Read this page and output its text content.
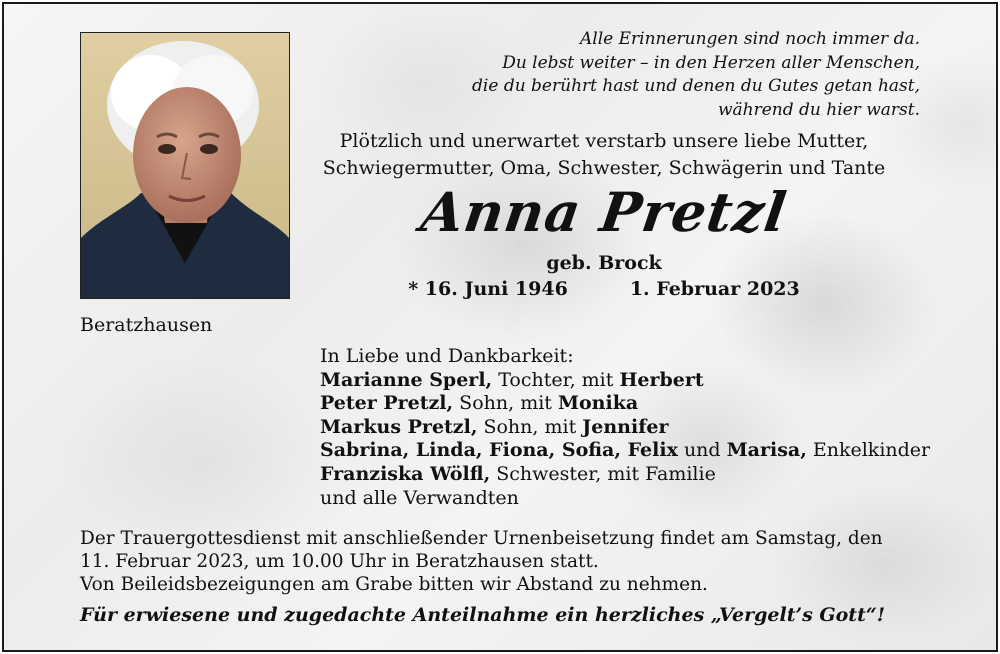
Beratzhausen
Alle Erinnerungen sind noch immer da.
Du lebst weiter – in den Herzen aller Menschen,
die du berührt hast und denen du Gutes getan hast,
während du hier warst.
Plötzlich und unerwartet verstarb unsere liebe Mutter,
Schwiegermutter, Oma, Schwester, Schwägerin und Tante
Anna Pretzl
geb. Brock
* 16. Juni 1946	1. Februar 2023
In Liebe und Dankbarkeit:
Marianne Sperl, Tochter, mit Herbert
Peter Pretzl, Sohn, mit Monika
Markus Pretzl, Sohn, mit Jennifer
Sabrina, Linda, Fiona, Sofia, Felix und Marisa, Enkelkinder
Franziska Wölfl, Schwester, mit Familie
und alle Verwandten
Der Trauergottesdienst mit anschließender Urnenbeisetzung findet am Samstag, den
11. Februar 2023, um 10.00 Uhr in Beratzhausen statt.
Von Beileidsbezeigungen am Grabe bitten wir Abstand zu nehmen.
Für erwiesene und zugedachte Anteilnahme ein herzliches „Vergelt’s Gott“!
